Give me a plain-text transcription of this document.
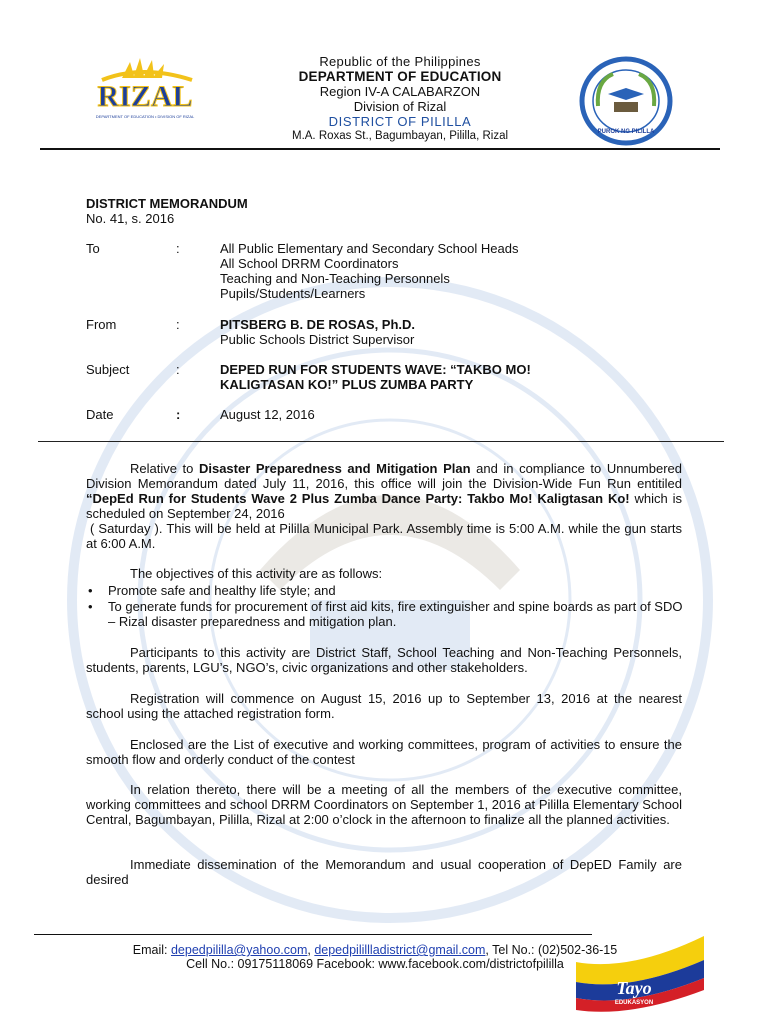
RIZAL
DEPARTMENT OF EDUCATION • DIVISION OF RIZAL
PUROK NG PILILLA
Republic of the Philippines
DEPARTMENT OF EDUCATION
Region IV-A CALABARZON
Division of Rizal
DISTRICT OF PILILLA
M.A. Roxas St., Bagumbayan, Pililla, Rizal
DISTRICT MEMORANDUM
No. 41, s. 2016
To	:	All Public Elementary and Secondary School Heads
All School DRRM Coordinators
Teaching and Non-Teaching Personnels
Pupils/Students/Learners
From	:	PITSBERG B. DE ROSAS, Ph.D.
Public Schools District Supervisor
Subject	:	DEPED RUN FOR STUDENTS WAVE: “TAKBO MO!
KALIGTASAN KO!” PLUS ZUMBA PARTY
Date	:	August 12, 2016
Relative to Disaster Preparedness and Mitigation Plan and in compliance to Unnumbered Division Memorandum dated July 11, 2016, this office will join the Division-Wide Fun Run entitiled “DepEd Run for Students Wave 2 Plus Zumba Dance Party: Takbo Mo! Kaligtasan Ko! which is scheduled on September 24, 2016
( Saturday ). This will be held at Pililla Municipal Park. Assembly time is 5:00 A.M. while the gun starts at 6:00 A.M.
The objectives of this activity are as follows:
• Promote safe and healthy life style; and
• To generate funds for procurement of first aid kits, fire extinguisher and spine boards as part of SDO – Rizal disaster preparedness and mitigation plan.
Participants to this activity are District Staff, School Teaching and Non-Teaching Personnels, students, parents, LGU’s, NGO’s, civic organizations and other stakeholders.
Registration will commence on August 15, 2016 up to September 13, 2016 at the nearest school using the attached registration form.
Enclosed are the List of executive and working committees, program of activities to ensure the smooth flow and orderly conduct of the contest
In relation thereto, there will be a meeting of all the members of the executive committee, working committees and school DRRM Coordinators on September 1, 2016 at Pililla Elementary School Central, Bagumbayan, Pililla, Rizal at 2:00 o’clock in the afternoon to finalize all the planned activities.
Immediate dissemination of the Memorandum and usual cooperation of DepED Family are desired
Email: depedpililla@yahoo.com, depedpilillladistrict@gmail.com, Tel No.: (02)502-36-15
Cell No.: 09175118069 Facebook: www.facebook.com/districtofpililla
Tayo
EDUKASYON
